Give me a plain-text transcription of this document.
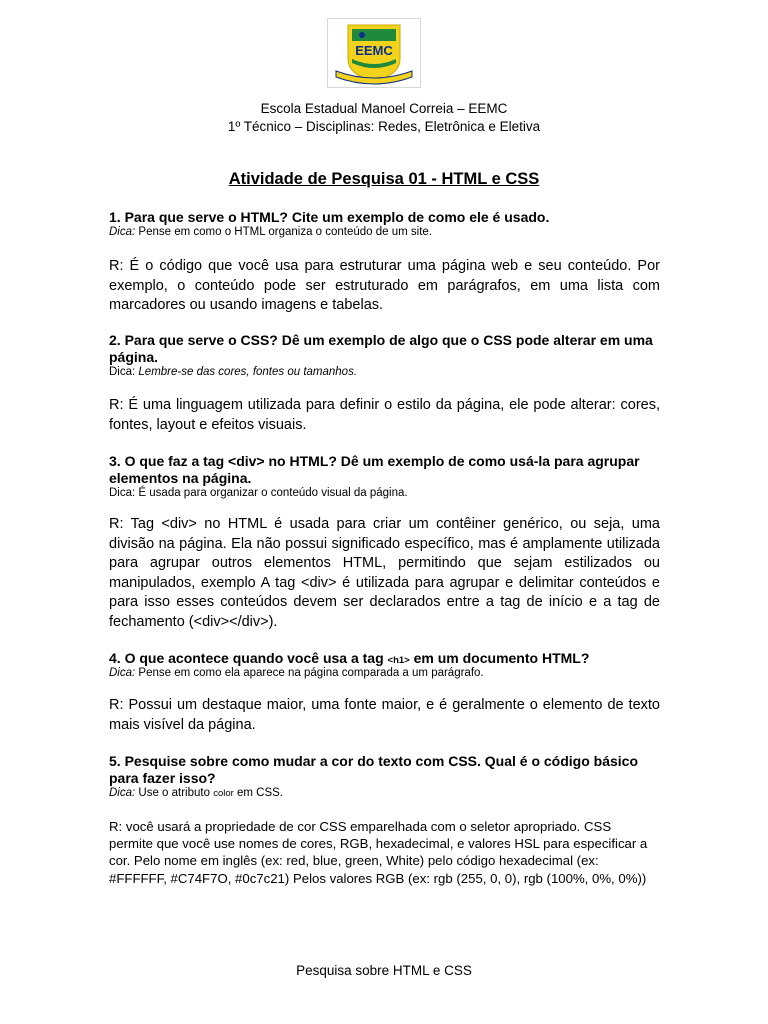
EEMC
Escola Estadual Manoel Correia – EEMC
1º Técnico – Disciplinas: Redes, Eletrônica e Eletiva
Atividade de Pesquisa 01 - HTML e CSS
1. Para que serve o HTML? Cite um exemplo de como ele é usado.
Dica: Pense em como o HTML organiza o conteúdo de um site.
R: É o código que você usa para estruturar uma página web e seu conteúdo. Por exemplo, o conteúdo pode ser estruturado em parágrafos, em uma lista com marcadores ou usando imagens e tabelas.
2. Para que serve o CSS? Dê um exemplo de algo que o CSS pode alterar em uma página.
Dica: Lembre-se das cores, fontes ou tamanhos.
R: É uma linguagem utilizada para definir o estilo da página, ele pode alterar: cores, fontes, layout e efeitos visuais.
3. O que faz a tag <div> no HTML? Dê um exemplo de como usá-la para agrupar elementos na página.
Dica: É usada para organizar o conteúdo visual da página.
R: Tag <div> no HTML é usada para criar um contêiner genérico, ou seja, uma divisão na página. Ela não possui significado específico, mas é amplamente utilizada para agrupar outros elementos HTML, permitindo que sejam estilizados ou manipulados, exemplo A tag <div> é utilizada para agrupar e delimitar conteúdos e para isso esses conteúdos devem ser declarados entre a tag de início e a tag de fechamento (<div></div>).
4. O que acontece quando você usa a tag <h1> em um documento HTML?
Dica: Pense em como ela aparece na página comparada a um parágrafo.
R: Possui um destaque maior, uma fonte maior, e é geralmente o elemento de texto mais visível da página.
5. Pesquise sobre como mudar a cor do texto com CSS. Qual é o código básico para fazer isso?
Dica: Use o atributo color em CSS.
R: você usará a propriedade de cor CSS emparelhada com o seletor apropriado. CSS permite que você use nomes de cores, RGB, hexadecimal, e valores HSL para especificar a cor. Pelo nome em inglês (ex: red, blue, green, White) pelo código hexadecimal (ex: #FFFFFF, #C74F7O, #0c7c21) Pelos valores RGB (ex: rgb (255, 0, 0), rgb (100%, 0%, 0%))
Pesquisa sobre HTML e CSS
